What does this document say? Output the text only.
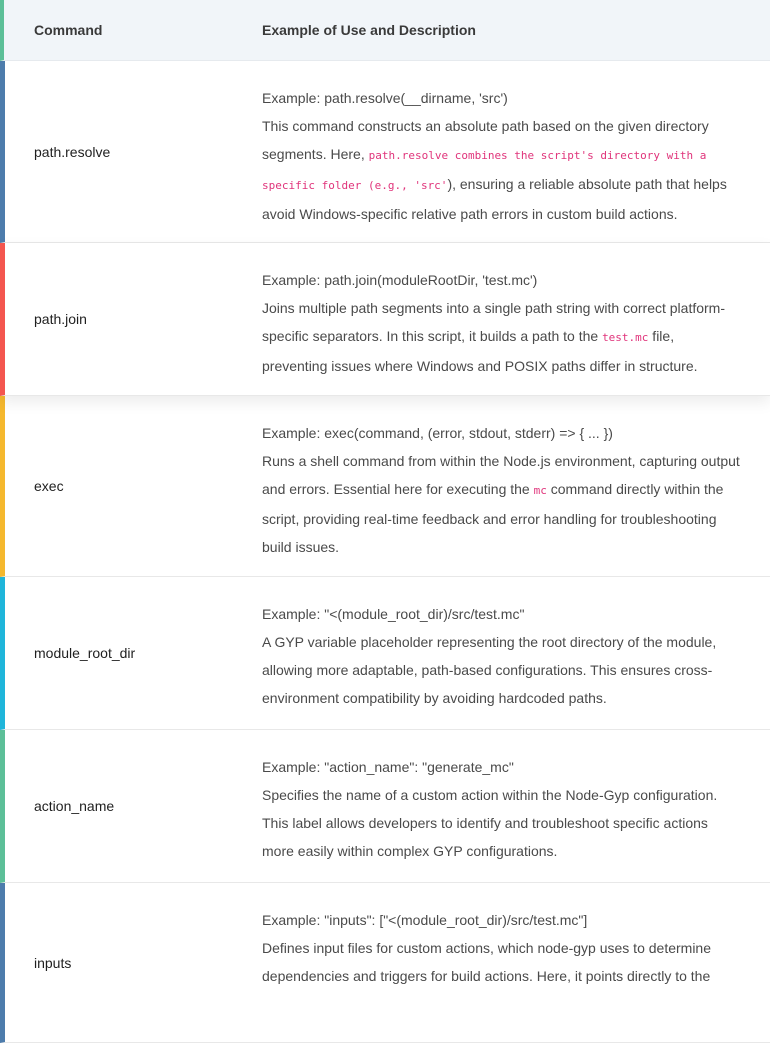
Command	Example of Use and Description
path.resolve

Example: path.resolve(__dirname, 'src')

This command constructs an absolute path based on the given directory segments. Here, path.resolve combines the script's directory with a specific folder (e.g., 'src'), ensuring a reliable absolute path that helps avoid Windows-specific relative path errors in custom build actions.

path.join

Example: path.join(moduleRootDir, 'test.mc')

Joins multiple path segments into a single path string with correct platform-specific separators. In this script, it builds a path to the test.mc file, preventing issues where Windows and POSIX paths differ in structure.

exec

Example: exec(command, (error, stdout, stderr) => { ... })

Runs a shell command from within the Node.js environment, capturing output and errors. Essential here for executing the mc command directly within the script, providing real-time feedback and error handling for troubleshooting build issues.

module_root_dir

Example: "<(module_root_dir)/src/test.mc"

A GYP variable placeholder representing the root directory of the module, allowing more adaptable, path-based configurations. This ensures cross-environment compatibility by avoiding hardcoded paths.

action_name

Example: "action_name": "generate_mc"

Specifies the name of a custom action within the Node-Gyp configuration. This label allows developers to identify and troubleshoot specific actions more easily within complex GYP configurations.

inputs

Example: "inputs": ["<(module_root_dir)/src/test.mc"]

Defines input files for custom actions, which node-gyp uses to determine dependencies and triggers for build actions. Here, it points directly to the
